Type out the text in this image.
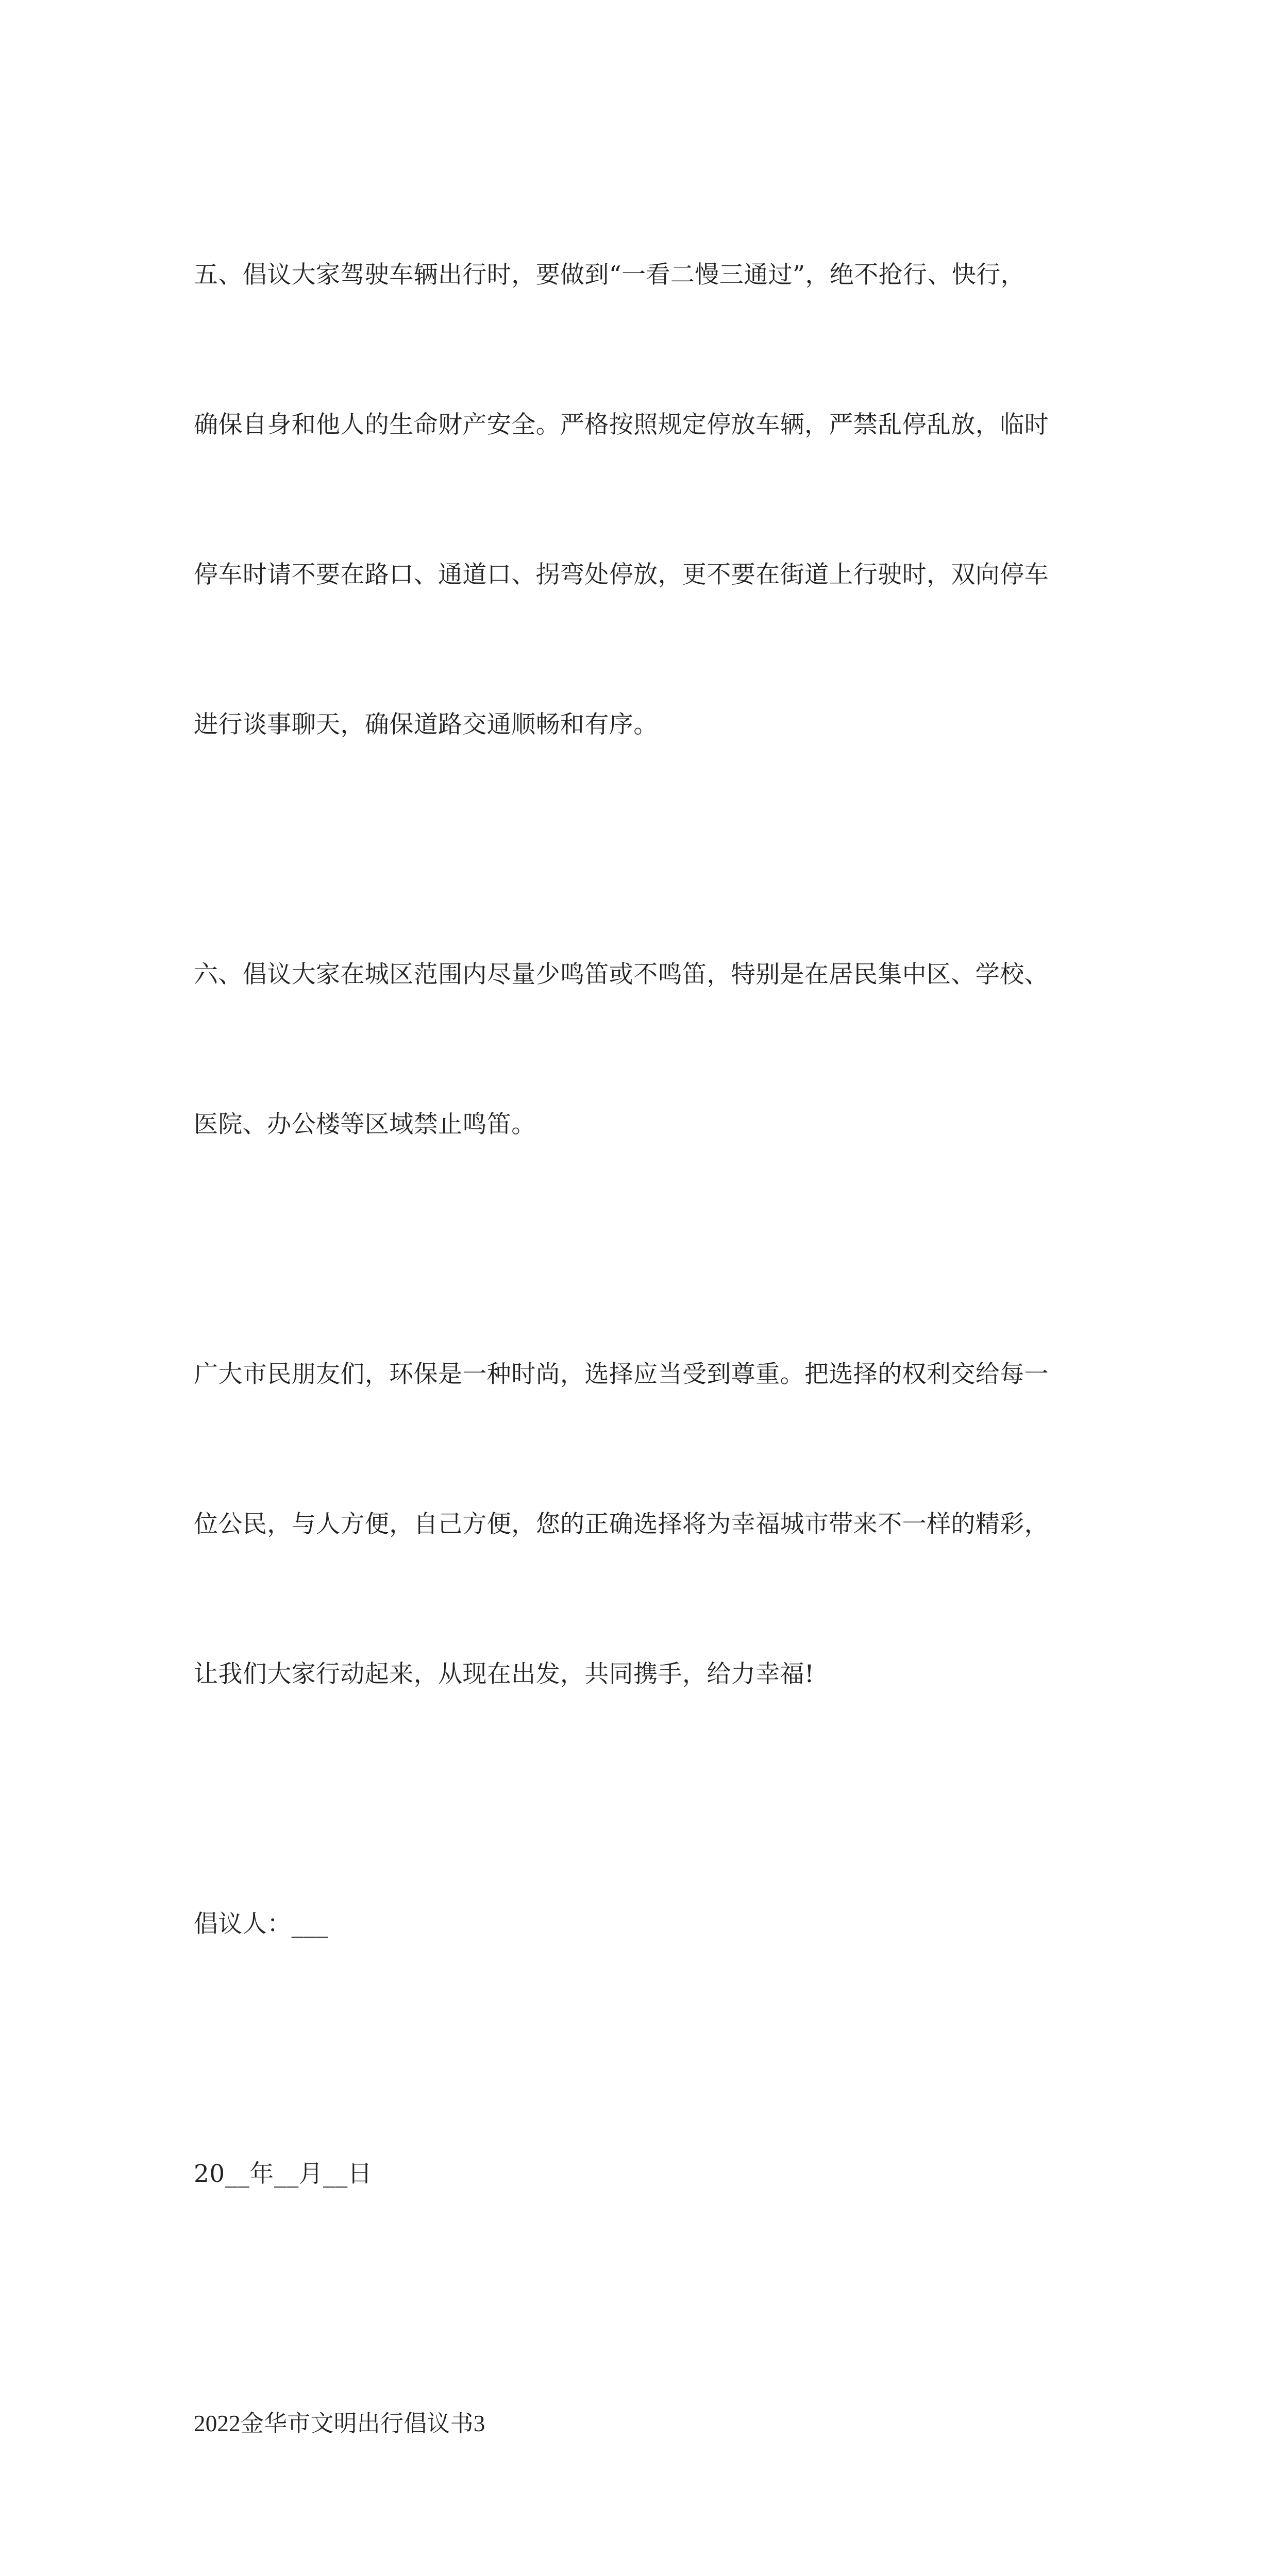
五、倡议大家驾驶车辆出行时，要做到“一看二慢三通过”，绝不抢行、快行，

确保自身和他人的生命财产安全。严格按照规定停放车辆，严禁乱停乱放，临时

停车时请不要在路口、通道口、拐弯处停放，更不要在街道上行驶时，双向停车

进行谈事聊天，确保道路交通顺畅和有序。

六、倡议大家在城区范围内尽量少鸣笛或不鸣笛，特别是在居民集中区、学校、

医院、办公楼等区域禁止鸣笛。

广大市民朋友们，环保是一种时尚，选择应当受到尊重。把选择的权利交给每一

位公民，与人方便，自己方便，您的正确选择将为幸福城市带来不一样的精彩，

让我们大家行动起来，从现在出发，共同携手，给力幸福!

倡议人：___

20__年__月__日

2022金华市文明出行倡议书3
